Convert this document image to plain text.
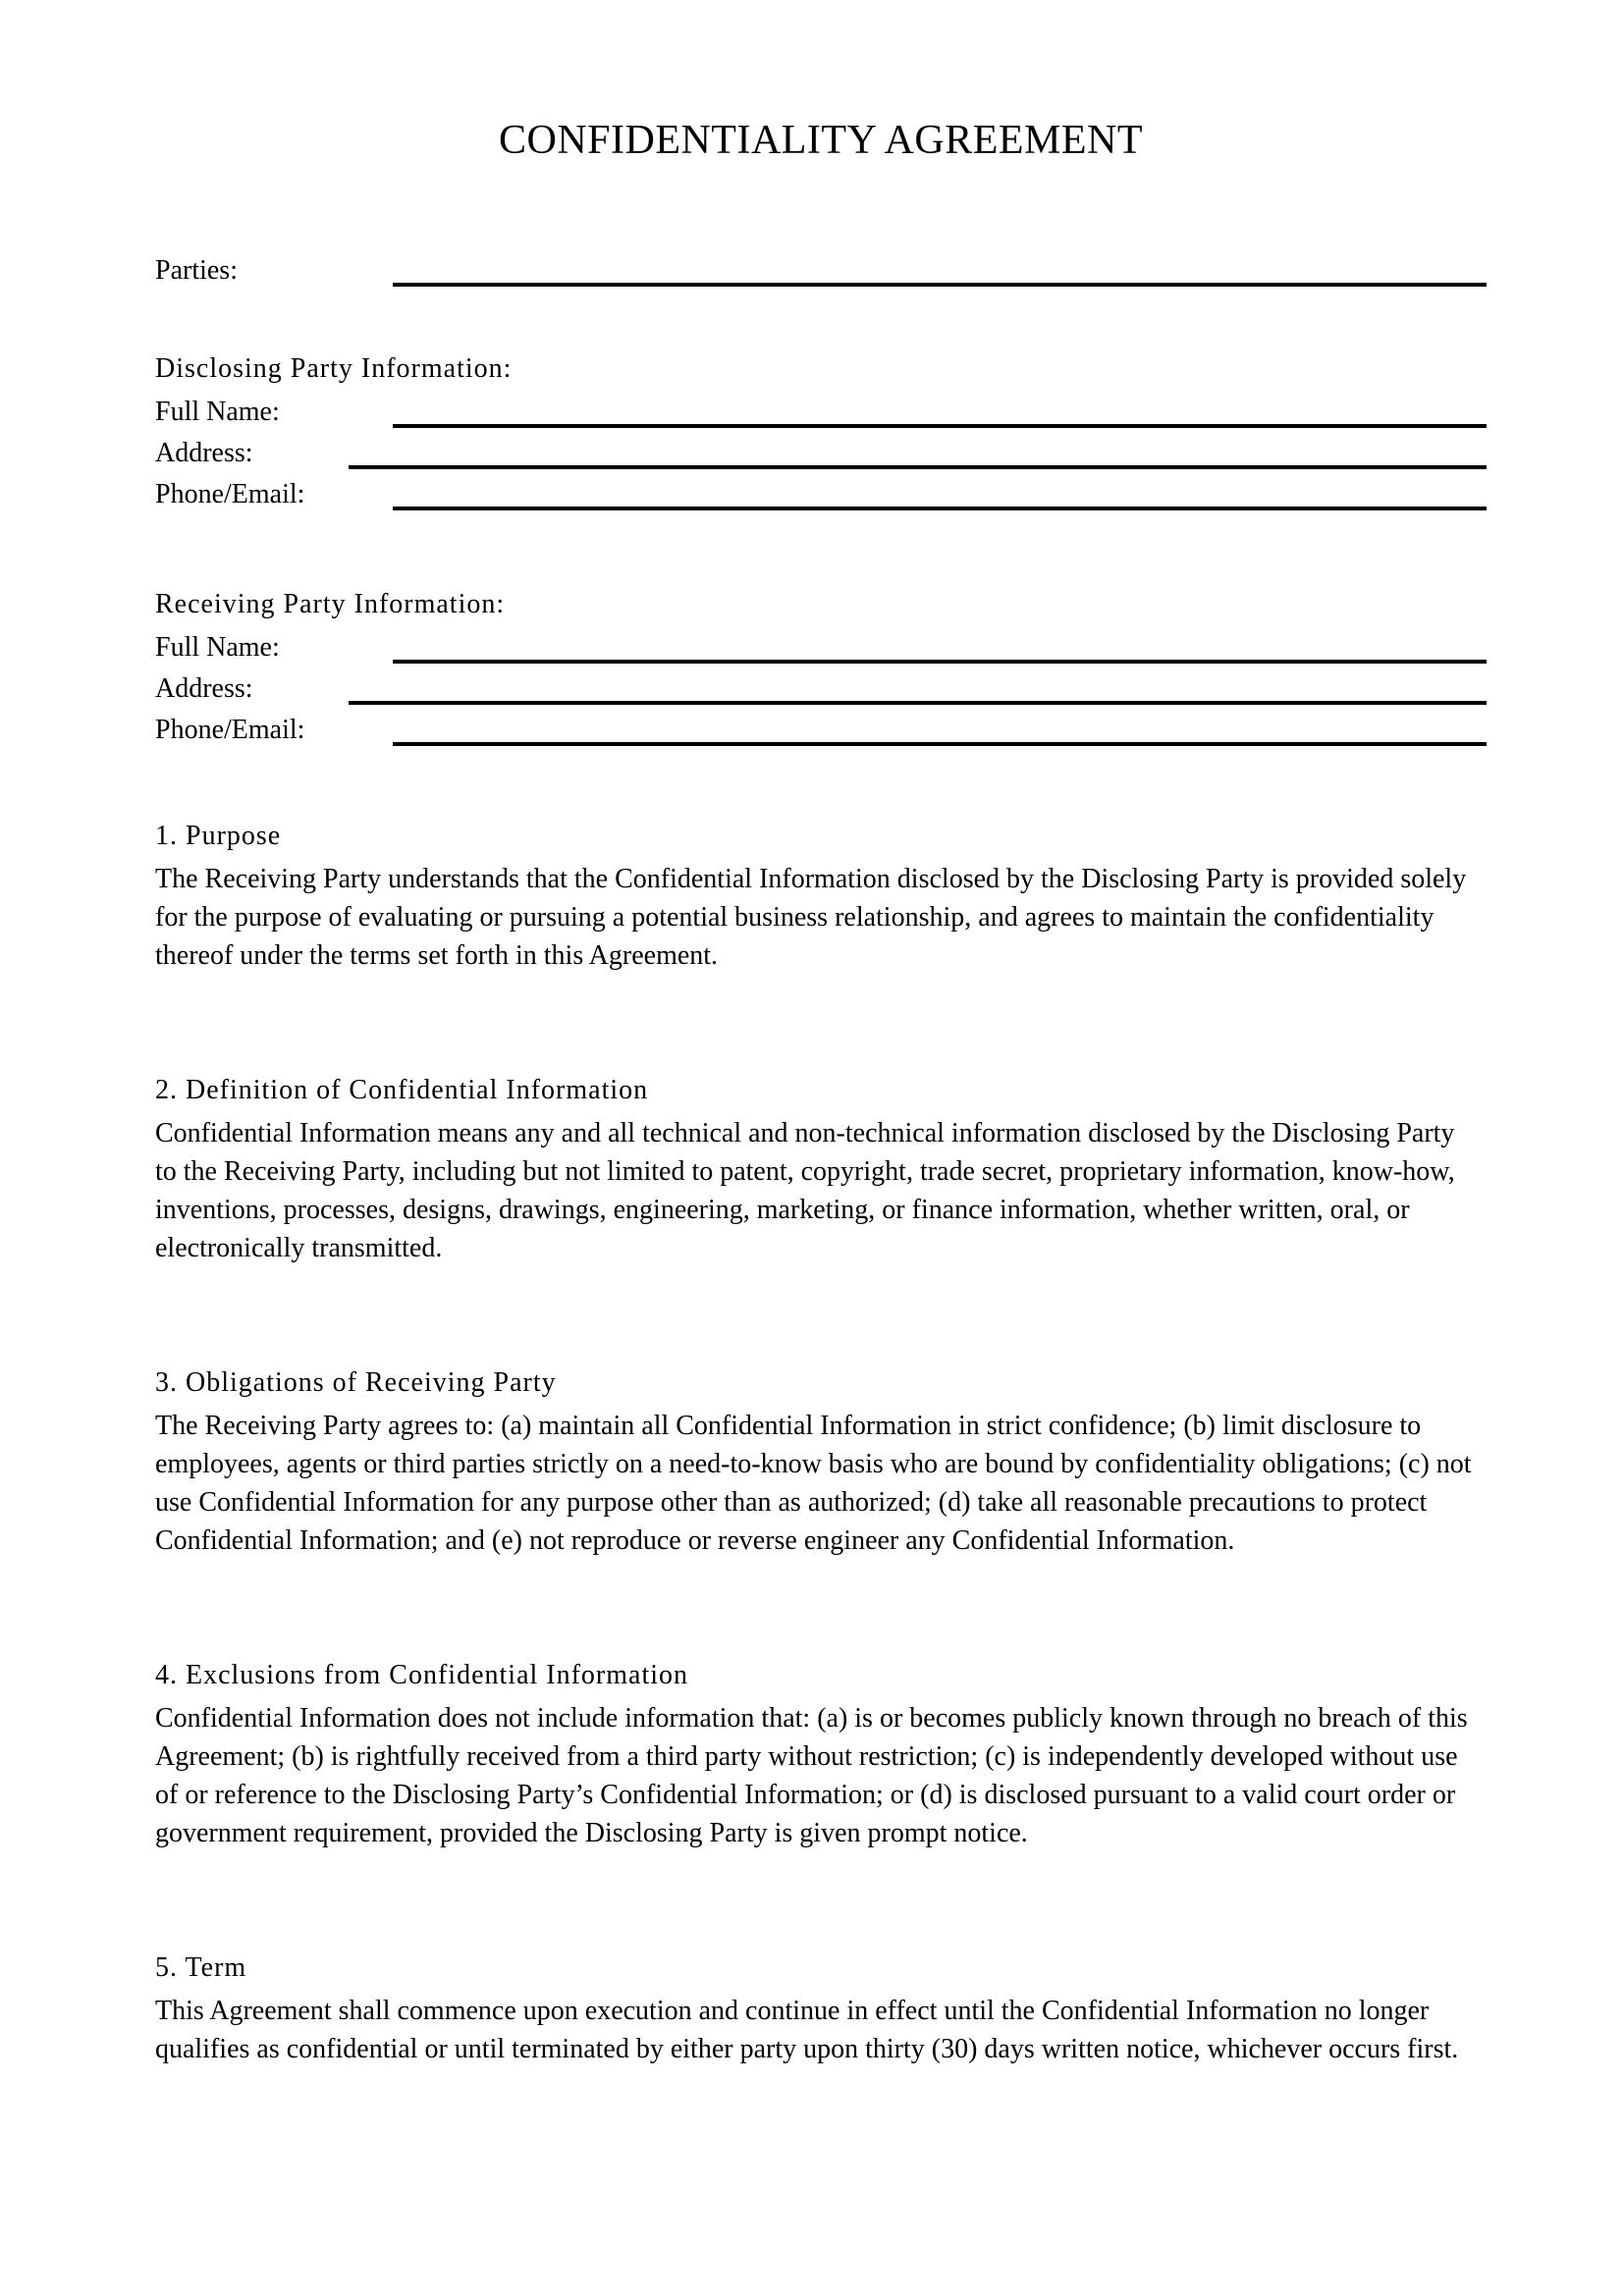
CONFIDENTIALITY AGREEMENT
Parties:
Disclosing Party Information:
Full Name:
Address:
Phone/Email:
Receiving Party Information:
Full Name:
Address:
Phone/Email:
1. Purpose

The Receiving Party understands that the Confidential Information disclosed by the Disclosing Party is provided solely for the purpose of evaluating or pursuing a potential business relationship, and agrees to maintain the confidentiality thereof under the terms set forth in this Agreement.

2. Definition of Confidential Information

Confidential Information means any and all technical and non-technical information disclosed by the Disclosing Party to the Receiving Party, including but not limited to patent, copyright, trade secret, proprietary information, know-how, inventions, processes, designs, drawings, engineering, marketing, or finance information, whether written, oral, or electronically transmitted.

3. Obligations of Receiving Party

The Receiving Party agrees to: (a) maintain all Confidential Information in strict confidence; (b) limit disclosure to employees, agents or third parties strictly on a need-to-know basis who are bound by confidentiality obligations; (c) not use Confidential Information for any purpose other than as authorized; (d) take all reasonable precautions to protect Confidential Information; and (e) not reproduce or reverse engineer any Confidential Information.

4. Exclusions from Confidential Information

Confidential Information does not include information that: (a) is or becomes publicly known through no breach of this Agreement; (b) is rightfully received from a third party without restriction; (c) is independently developed without use of or reference to the Disclosing Party’s Confidential Information; or (d) is disclosed pursuant to a valid court order or government requirement, provided the Disclosing Party is given prompt notice.

5. Term

This Agreement shall commence upon execution and continue in effect until the Confidential Information no longer qualifies as confidential or until terminated by either party upon thirty (30) days written notice, whichever occurs first.
